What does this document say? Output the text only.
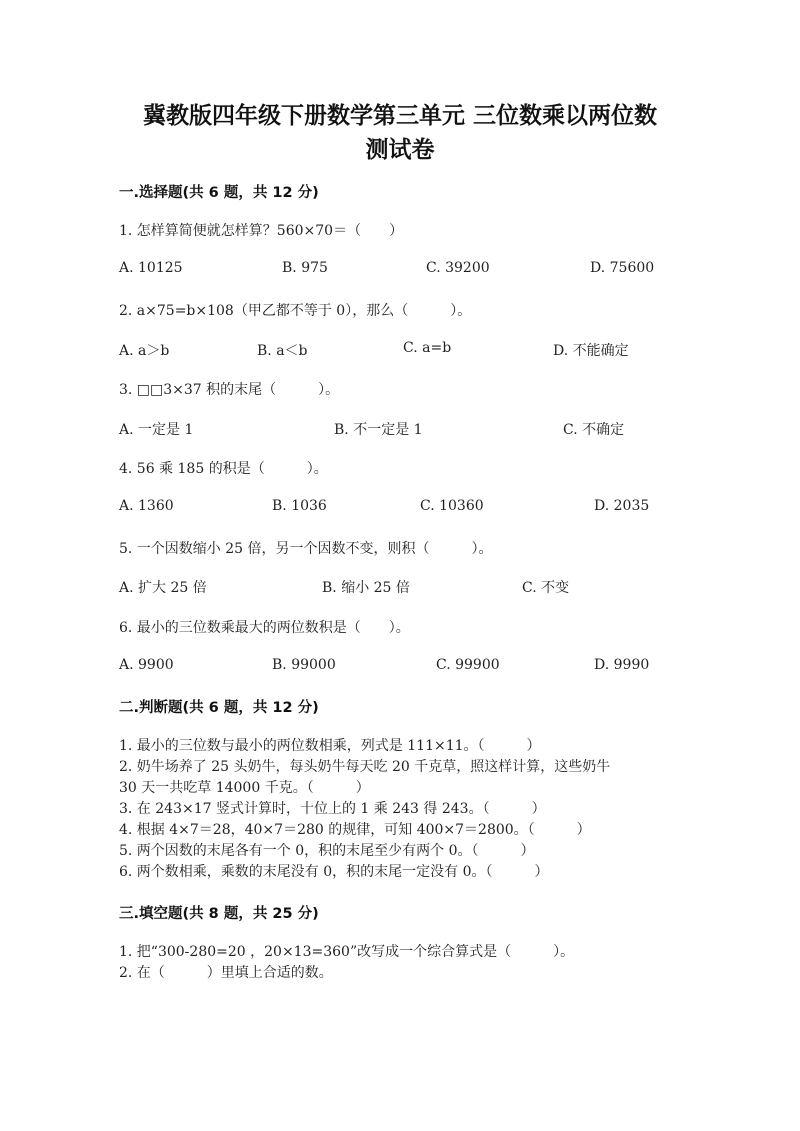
冀教版四年级下册数学第三单元 三位数乘以两位数
测试卷
一.选择题(共 6 题，共 12 分)
1. 怎样算简便就怎样算？560×70＝（　　）
A. 10125	B. 975	C. 39200	D. 75600
2. a×75=b×108（甲乙都不等于 0），那么（　　　）。
A. a＞b	B. a＜b	C. a=b	D. 不能确定
3. □□3×37 积的末尾（　　　）。
A. 一定是 1	B. 不一定是 1	C. 不确定
4. 56 乘 185 的积是（　　　）。
A. 1360	B. 1036	C. 10360	D. 2035
5. 一个因数缩小 25 倍，另一个因数不变，则积（　　　）。
A. 扩大 25 倍	B. 缩小 25 倍	C. 不变
6. 最小的三位数乘最大的两位数积是（　　）。
A. 9900	B. 99000	C. 99900	D. 9990
二.判断题(共 6 题，共 12 分)
1. 最小的三位数与最小的两位数相乘，列式是 111×11。（　　　）
2. 奶牛场养了 25 头奶牛，每头奶牛每天吃 20 千克草，照这样计算，这些奶牛
30 天一共吃草 14000 千克。（　　　）
3. 在 243×17 竖式计算时，十位上的 1 乘 243 得 243。（　　　）
4. 根据 4×7＝28，40×7＝280 的规律，可知 400×7＝2800。（　　　）
5. 两个因数的末尾各有一个 0，积的末尾至少有两个 0。（　　　）
6. 两个数相乘，乘数的末尾没有 0，积的末尾一定没有 0。（　　　）
三.填空题(共 8 题，共 25 分)
1. 把“300-280=20 ，20×13=360”改写成一个综合算式是（　　　）。
2. 在（　　　）里填上合适的数。
